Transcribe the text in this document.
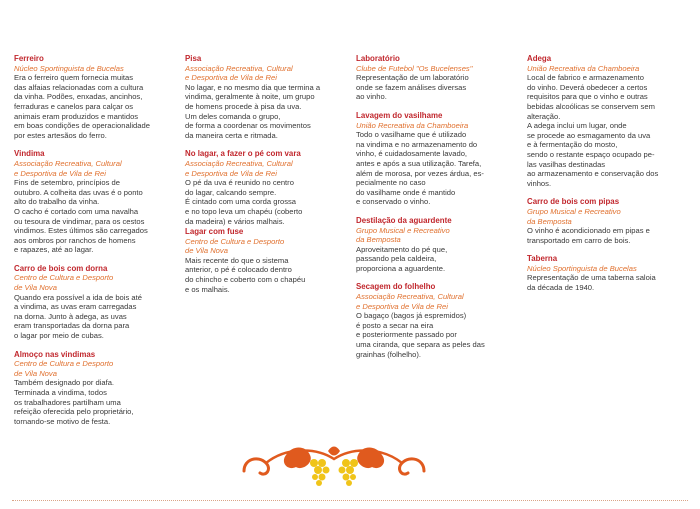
Ferreiro

Núcleo Sportinguista de Bucelas

Era o ferreiro quem fornecia muitas
das alfaias relacionadas com a cultura
da vinha. Podões, enxadas, ancinhos,
ferraduras e canelos para calçar os
animais eram produzidos e mantidos
em boas condições de operacionalidade
por estes artesãos do ferro.

Vindima

Associação Recreativa, Cultural
e Desportiva de Vila de Rei

Fins de setembro, princípios de
outubro. A colheita das uvas é o ponto
alto do trabalho da vinha.
O cacho é cortado com uma navalha
ou tesoura de vindimar, para os cestos
vindimos. Estes últimos são carregados
aos ombros por ranchos de homens
e rapazes, até ao lagar.

Carro de bois com dorna

Centro de Cultura e Desporto
de Vila Nova

Quando era possível a ida de bois até
a vindima, as uvas eram carregadas
na dorna. Junto à adega, as uvas
eram transportadas da dorna para
o lagar por meio de cubas.

Almoço nas vindimas

Centro de Cultura e Desporto
de Vila Nova

Também designado por diafa.
Terminada a vindima, todos
os trabalhadores partilham uma
refeição oferecida pelo proprietário,
tornando-se motivo de festa.

Pisa

Associação Recreativa, Cultural
e Desportiva de Vila de Rei

No lagar, e no mesmo dia que termina a
vindima, geralmente à noite, um grupo
de homens procede à pisa da uva.
Um deles comanda o grupo,
de forma a coordenar os movimentos
da maneira certa e ritmada.

No lagar, a fazer o pé com vara

Associação Recreativa, Cultural
e Desportiva de Vila de Rei

O pé da uva é reunido no centro
do lagar, calcando sempre.
É cintado com uma corda grossa
e no topo leva um chapéu (coberto
da madeira) e vários malhais.

Lagar com fuse

Centro de Cultura e Desporto
de Vila Nova

Mais recente do que o sistema
anterior, o pé é colocado dentro
do chincho e coberto com o chapéu
e os malhais.

Laboratório

Clube de Futebol "Os Bucelenses"

Representação de um laboratório
onde se fazem análises diversas
ao vinho.

Lavagem do vasilhame

União Recreativa da Chamboeira

Todo o vasilhame que é utilizado
na vindima e no armazenamento do
vinho, é cuidadosamente lavado,
antes e após a sua utilização. Tarefa,
além de morosa, por vezes árdua, es-
pecialmente no caso
do vasilhame onde é mantido
e conservado o vinho.

Destilação da aguardente

Grupo Musical e Recreativo
da Bemposta

Aproveitamento do pé que,
passando pela caldeira,
proporciona a aguardente.

Secagem do folhelho

Associação Recreativa, Cultural
e Desportiva de Vila de Rei

O bagaço (bagos já espremidos)
é posto a secar na eira
e posteriormente passado por
uma ciranda, que separa as peles das
grainhas (folhelho).

Adega

União Recreativa da Chamboeira

Local de fabrico e armazenamento
do vinho. Deverá obedecer a certos
requisitos para que o vinho e outras
bebidas alcoólicas se conservem sem
alteração.
A adega inclui um lugar, onde
se procede ao esmagamento da uva
e à fermentação do mosto,
sendo o restante espaço ocupado pe-
las vasilhas destinadas
ao armazenamento e conservação dos
vinhos.

Carro de bois com pipas

Grupo Musical e Recreativo
da Bemposta

O vinho é acondicionado em pipas e
transportado em carro de bois.

Taberna

Núcleo Sportinguista de Bucelas

Representação de uma taberna saloia
da década de 1940.
